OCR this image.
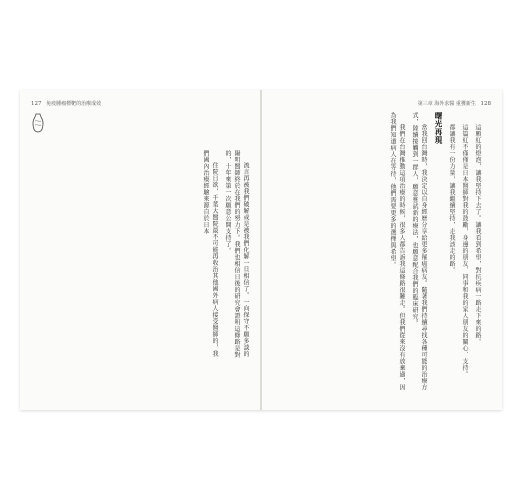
127 免疫腫瘤標靶的治療成效

流言再被我們破解或是被我們化解一旦相信了。一向保守不願多談的陽明醫師終於在我們的努力下。我們也相信日後的研究會證明這條路是對的，十年來第一次願意公開支持了。

住院日欲，千葉大醫院最不可能再收治其他國外病人接受醫師的，我們國內治療經驗來源自於日本

第三章 海外求醫 重獲新生 128

這顆紅的燈泡，讓我堅持下去了。讓我看到希望，對抗疾病一路走下來的路。

這篇紅不僅僅是日本醫師對我的鼓勵，身邊的朋友、同事和我的家人朋友的關心、支持。

都讓我有一份力量，讓我繼續堅持，走我該走的路。

曙光再現

當我回台灣時，我決定以自身經歷分享給更多罹癌病友。隨著我們持續尋找各種可能的治療方式，陸續接觸到一群人，願意嘗試新的療法，也願意配合我們的臨床研究。

我們在台灣推動這項治療的時候，很多人都告訴我這條路很難走。但我們從來沒有放棄過，因為我們知道病人在等待，他們需要更多的選擇與希望。
